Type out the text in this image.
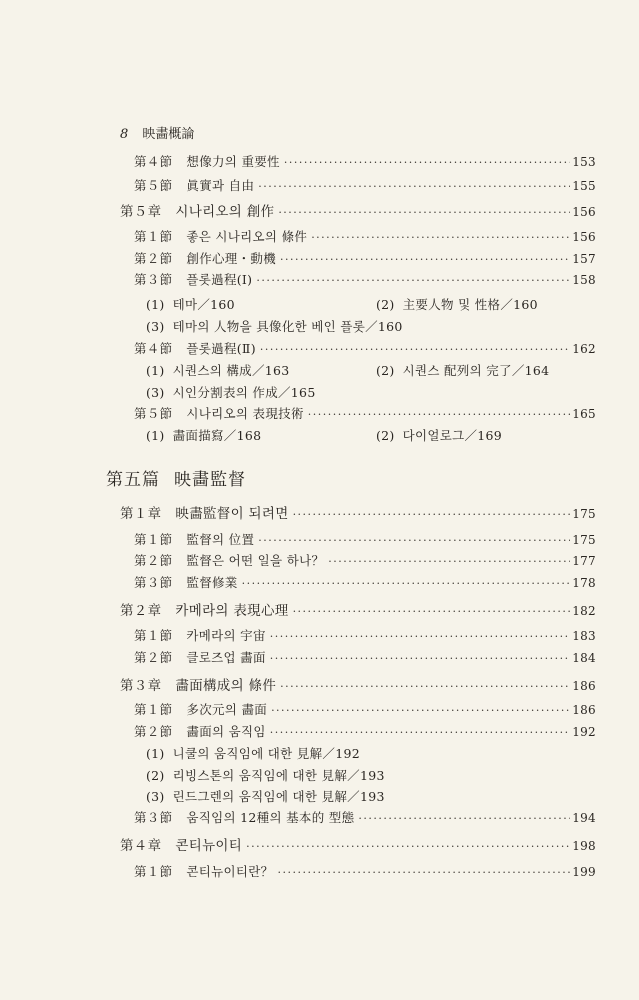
8 映畵概論
第４節 想像力의 重要性 ·····	153
第５節 眞實과 自由 ·····	155
第５章 시나리오의 創作 ·····	156
第１節 좋은 시나리오의 條件 ·····	156
第２節 創作心理・動機 ·····	157
第３節 플롯過程(Ⅰ) ·····	158
(1) 테마／160	(2) 主要人物 및 性格／160
(3) 테마의 人物을 具像化한 베인 플롯／160
第４節 플롯過程(Ⅱ) ·····	162
(1) 시퀀스의 構成／163	(2) 시퀀스 配列의 完了／164
(3) 시인分割表의 作成／165
第５節 시나리오의 表現技術 ·····	165
(1) 畵面描寫／168	(2) 다이얼로그／169
第五篇 映畵監督
第１章 映畵監督이 되려면 ·····	175
第１節 監督의 位置 ·····	175
第２節 監督은 어떤 일을 하나？ ·····	177
第３節 監督修業 ·····	178
第２章 카메라의 表現心理 ·····	182
第１節 카메라의 宇宙 ·····	183
第２節 클로즈업 畵面 ·····	184
第３章 畵面構成의 條件 ·····	186
第１節 多次元의 畵面 ·····	186
第２節 畵面의 움직임 ·····	192
(1) 니쿨의 움직임에 대한 見解／192
(2) 리빙스톤의 움직임에 대한 見解／193
(3) 린드그렌의 움직임에 대한 見解／193
第３節 움직임의 12種의 基本的 型態 ·····	194
第４章 콘티뉴이티 ·····	198
第１節 콘티뉴이티란？ ·····	199
